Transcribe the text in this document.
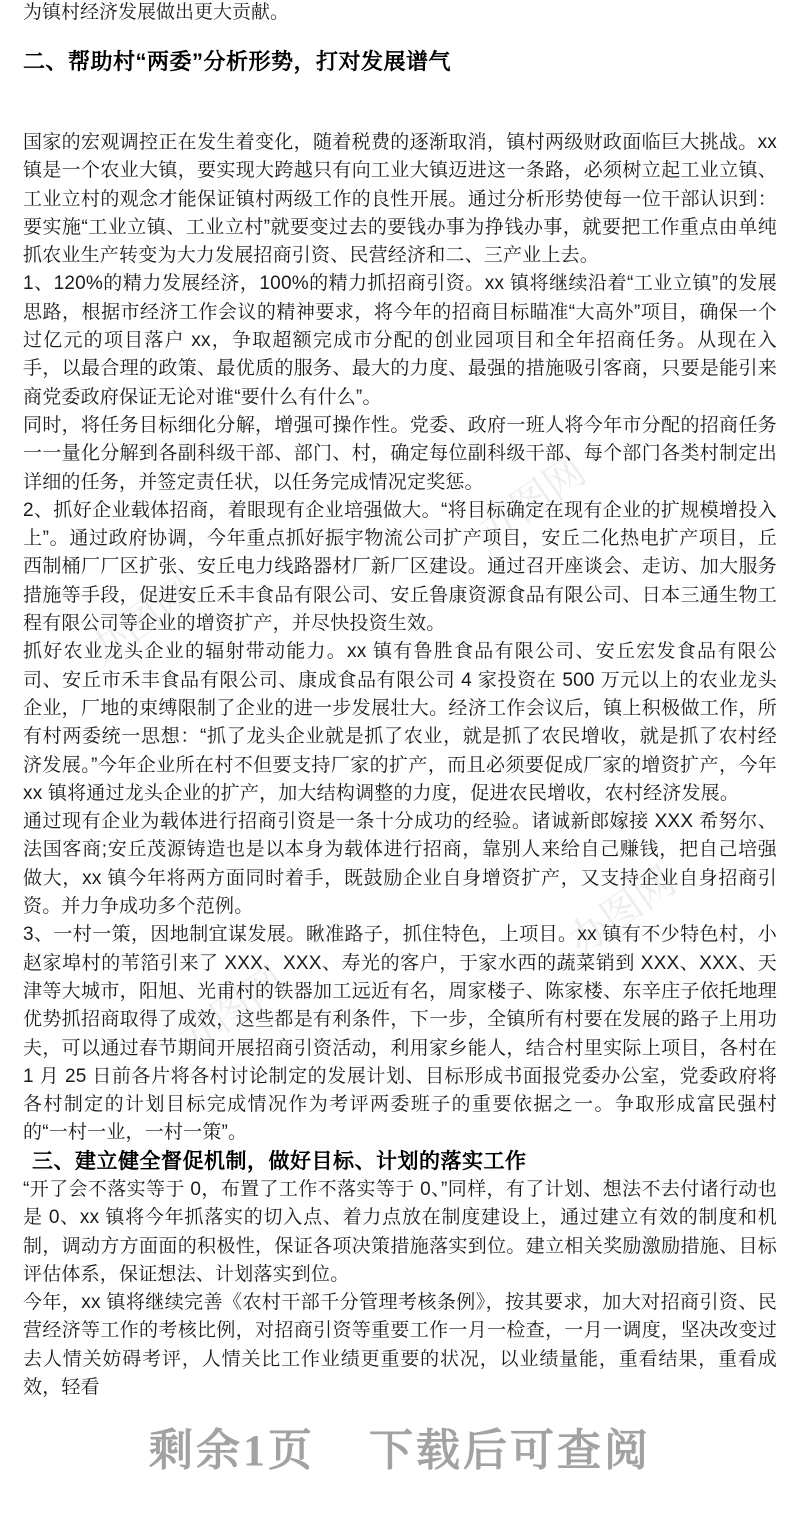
办图网
办图网
办图网
办图网

为镇村经济发展做出更大贡献。

二、帮助村“两委”分析形势，打对发展谱气

国家的宏观调控正在发生着变化，随着税费的逐渐取消，镇村两级财政面临巨大挑战。xx 镇是一个农业大镇，要实现大跨越只有向工业大镇迈进这一条路，必须树立起工业立镇、工业立村的观念才能保证镇村两级工作的良性开展。通过分析形势使每一位干部认识到：要实施“工业立镇、工业立村”就要变过去的要钱办事为挣钱办事，就要把工作重点由单纯抓农业生产转变为大力发展招商引资、民营经济和二、三产业上去。

1、120%的精力发展经济，100%的精力抓招商引资。xx 镇将继续沿着“工业立镇”的发展思路，根据市经济工作会议的精神要求，将今年的招商目标瞄准“大高外”项目，确保一个过亿元的项目落户 xx，争取超额完成市分配的创业园项目和全年招商任务。从现在入手，以最合理的政策、最优质的服务、最大的力度、最强的措施吸引客商，只要是能引来商党委政府保证无论对谁“要什么有什么”。

同时，将任务目标细化分解，增强可操作性。党委、政府一班人将今年市分配的招商任务一一量化分解到各副科级干部、部门、村，确定每位副科级干部、每个部门各类村制定出详细的任务，并签定责任状，以任务完成情况定奖惩。

2、抓好企业载体招商，着眼现有企业培强做大。“将目标确定在现有企业的扩规模增投入上”。通过政府协调，今年重点抓好振宇物流公司扩产项目，安丘二化热电扩产项目，丘西制桶厂厂区扩张、安丘电力线路器材厂新厂区建设。通过召开座谈会、走访、加大服务措施等手段，促进安丘禾丰食品有限公司、安丘鲁康资源食品有限公司、日本三通生物工程有限公司等企业的增资扩产，并尽快投资生效。

抓好农业龙头企业的辐射带动能力。xx 镇有鲁胜食品有限公司、安丘宏发食品有限公司、安丘市禾丰食品有限公司、康成食品有限公司 4 家投资在 500 万元以上的农业龙头企业，厂地的束缚限制了企业的进一步发展壮大。经济工作会议后，镇上积极做工作，所有村两委统一思想：“抓了龙头企业就是抓了农业，就是抓了农民增收，就是抓了农村经济发展。”今年企业所在村不但要支持厂家的扩产，而且必须要促成厂家的增资扩产，今年 xx 镇将通过龙头企业的扩产，加大结构调整的力度，促进农民增收，农村经济发展。

通过现有企业为载体进行招商引资是一条十分成功的经验。诸诚新郎嫁接 XXX 希努尔、法国客商;安丘茂源铸造也是以本身为载体进行招商，靠别人来给自己赚钱，把自己培强做大，xx 镇今年将两方面同时着手，既鼓励企业自身增资扩产，又支持企业自身招商引资。并力争成功多个范例。

3、一村一策，因地制宜谋发展。瞅准路子，抓住特色，上项目。xx 镇有不少特色村，小赵家埠村的苇箔引来了 XXX、XXX、寿光的客户，于家水西的蔬菜销到 XXX、XXX、天津等大城市，阳旭、光甫村的铁器加工远近有名，周家楼子、陈家楼、东辛庄子依托地理优势抓招商取得了成效，这些都是有利条件，下一步，全镇所有村要在发展的路子上用功夫，可以通过春节期间开展招商引资活动，利用家乡能人，结合村里实际上项目，各村在 1 月 25 日前各片将各村讨论制定的发展计划、目标形成书面报党委办公室，党委政府将各村制定的计划目标完成情况作为考评两委班子的重要依据之一。争取形成富民强村的“一村一业，一村一策”。

三、建立健全督促机制，做好目标、计划的落实工作

“开了会不落实等于 0，布置了工作不落实等于 0、”同样，有了计划、想法不去付诸行动也是 0、xx 镇将今年抓落实的切入点、着力点放在制度建设上，通过建立有效的制度和机制，调动方方面面的积极性，保证各项决策措施落实到位。建立相关奖励激励措施、目标评估体系，保证想法、计划落实到位。

今年，xx 镇将继续完善《农村干部千分管理考核条例》，按其要求，加大对招商引资、民营经济等工作的考核比例，对招商引资等重要工作一月一检查，一月一调度，坚决改变过去人情关妨碍考评，人情关比工作业绩更重要的状况，以业绩量能，重看结果，重看成效，轻看

剩余1页 下载后可查阅
